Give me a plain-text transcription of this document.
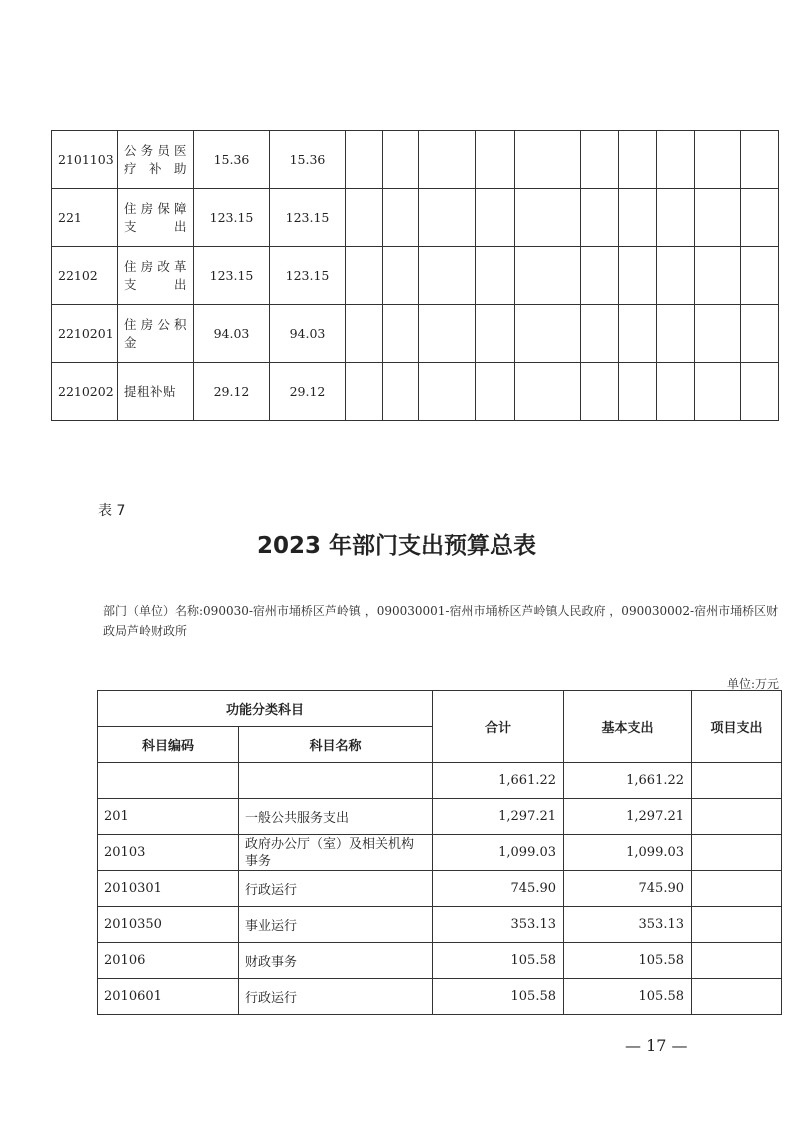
2101103	公务员医疗补助	15.36	15.36										
221	住房保障支出	123.15	123.15										
22102	住房改革支出	123.15	123.15										
2210201	住房公积金	94.03	94.03										
2210202	提租补贴	29.12	29.12										
表 7
2023 年部门支出预算总表
部门（单位）名称:090030-宿州市埇桥区芦岭镇 ，090030001-宿州市埇桥区芦岭镇人民政府 ，090030002-宿州市埇桥区财政局芦岭财政所
单位:万元
功能分类科目		合计	基本支出	项目支出
科目编码	科目名称			
		1,661.22	1,661.22	
201	一般公共服务支出	1,297.21	1,297.21	
20103	政府办公厅（室）及相关机构事务	1,099.03	1,099.03	
2010301	行政运行	745.90	745.90	
2010350	事业运行	353.13	353.13	
20106	财政事务	105.58	105.58	
2010601	行政运行	105.58	105.58	
— 17 —
